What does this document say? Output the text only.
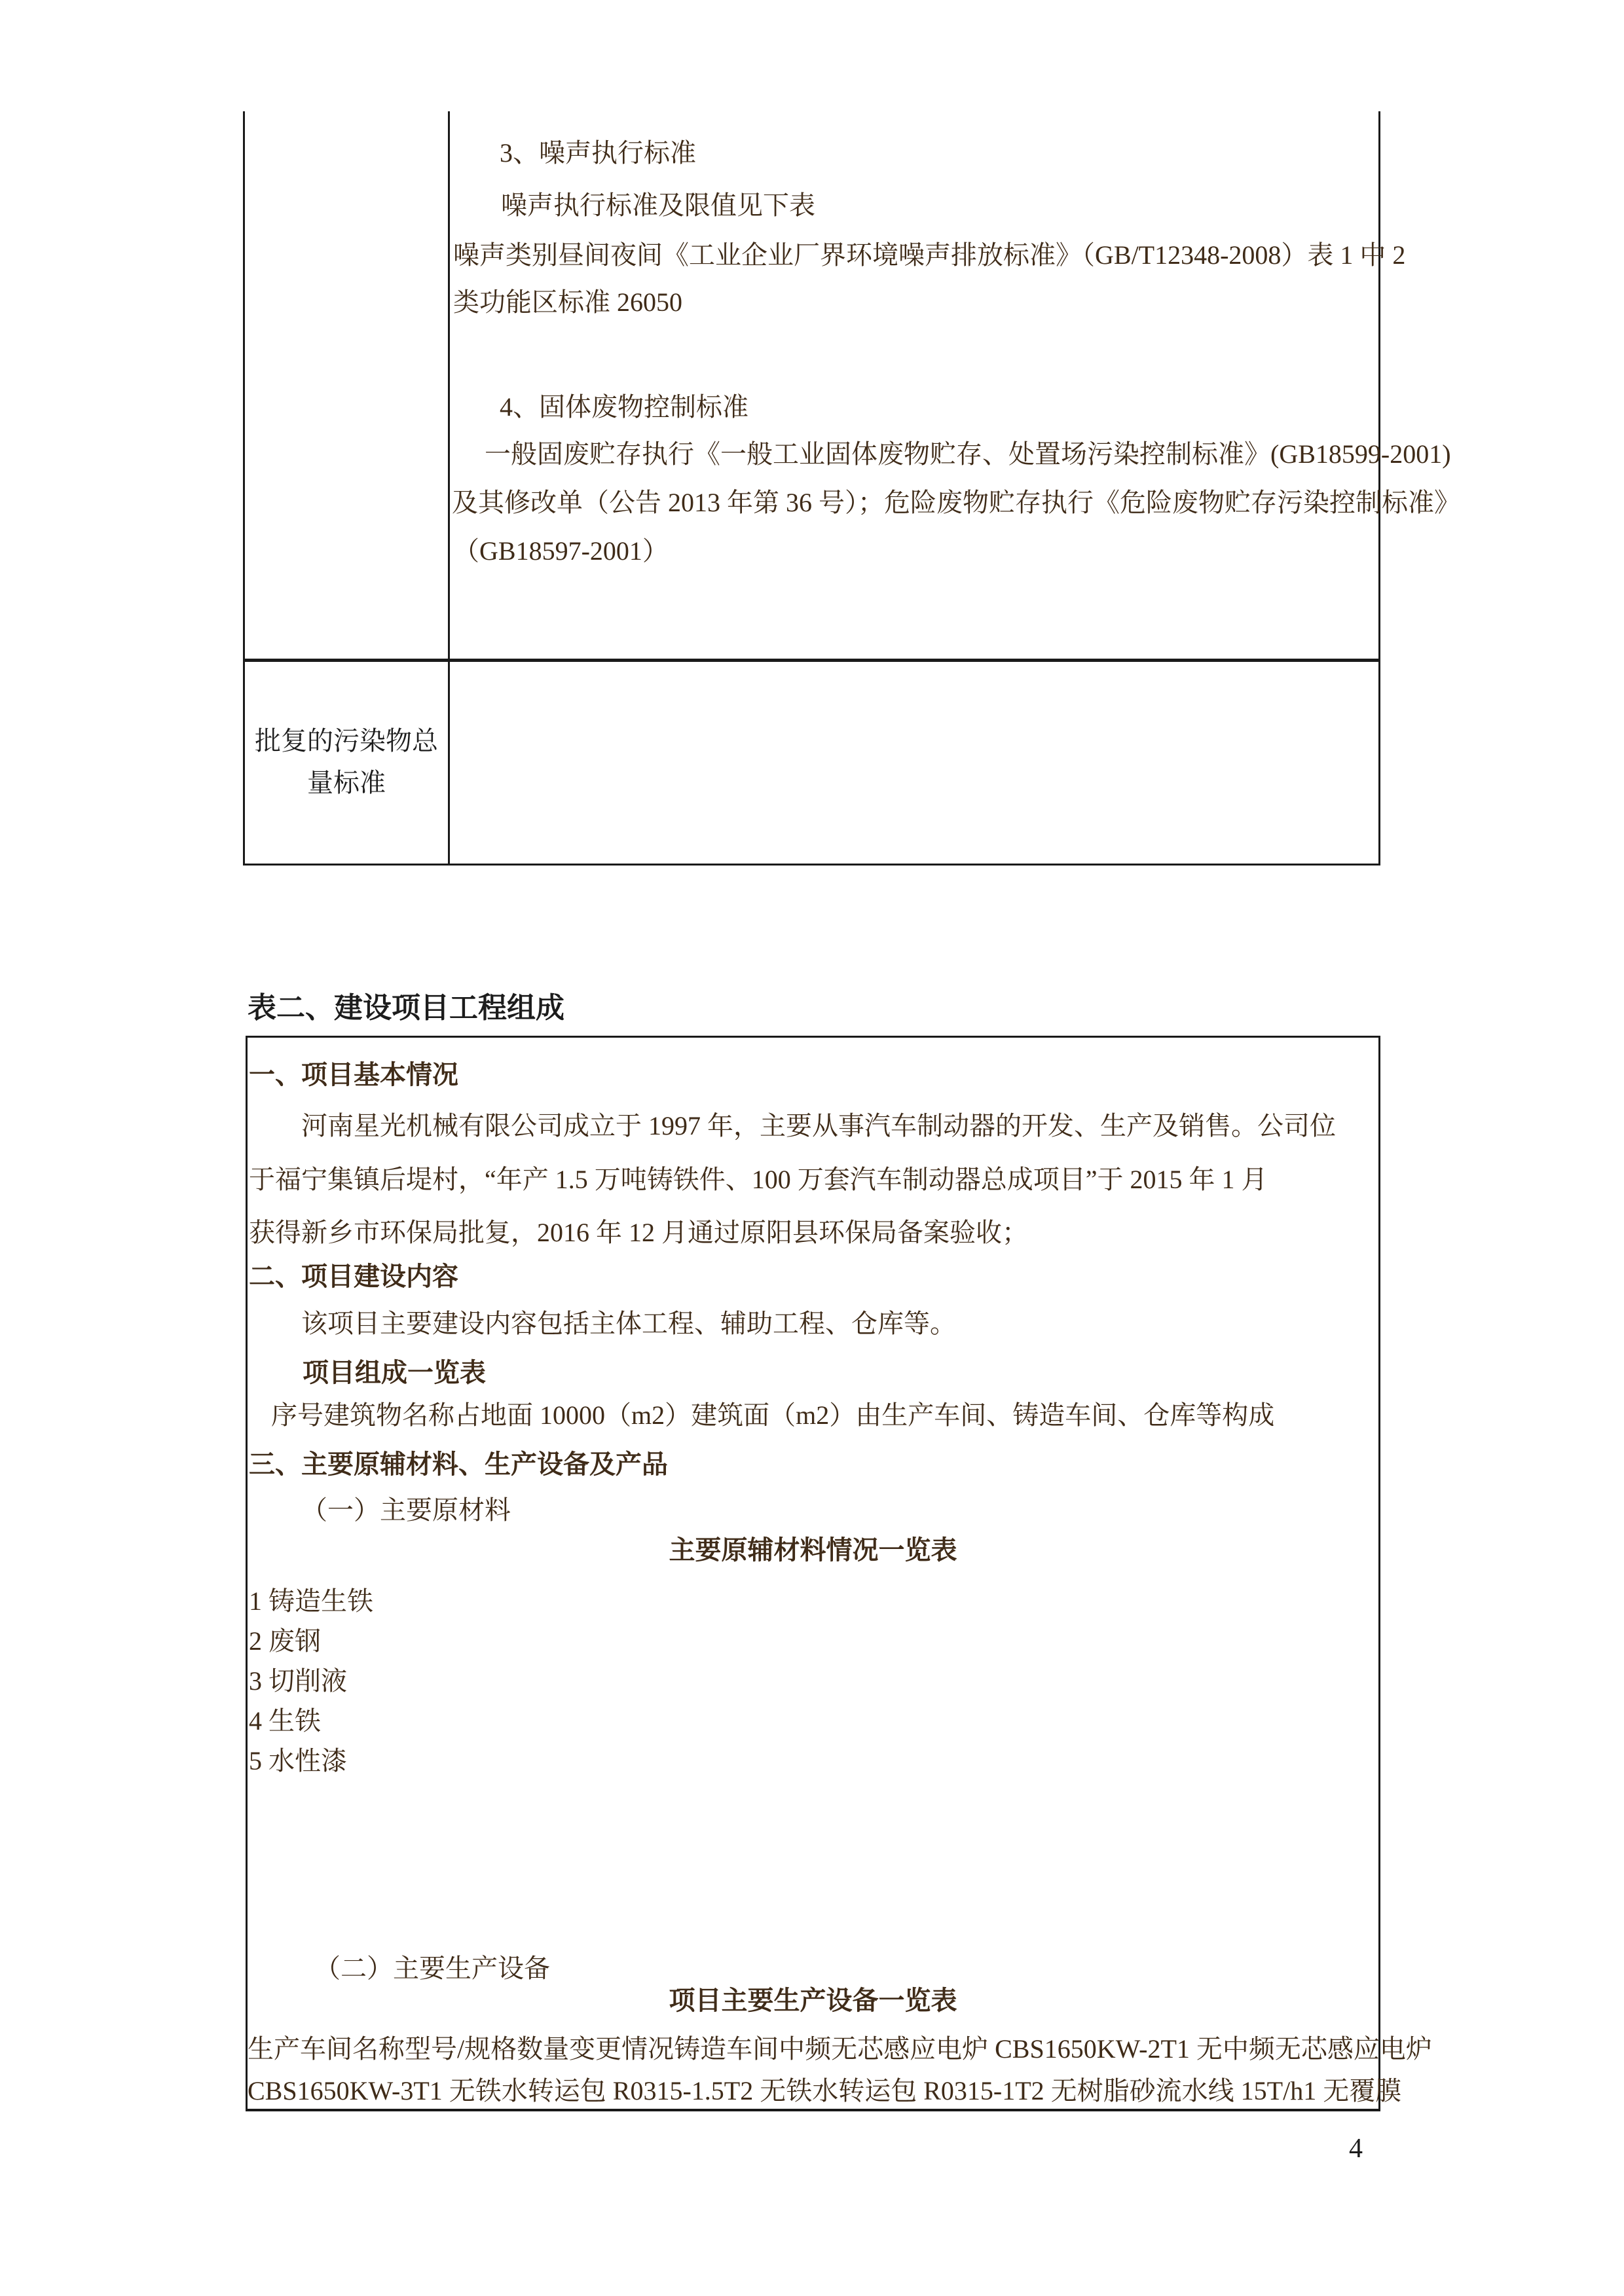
批复的污染物总
量标准
3、噪声执行标准
噪声执行标准及限值见下表
噪声类别昼间夜间《工业企业厂界环境噪声排放标准》（GB/T12348-2008）表 1 中 2
类功能区标准 26050
4、固体废物控制标准
一般固废贮存执行《一般工业固体废物贮存、处置场污染控制标准》(GB18599-2001)
及其修改单（公告 2013 年第 36 号）；危险废物贮存执行《危险废物贮存污染控制标准》
（GB18597-2001）
表二、建设项目工程组成
一、项目基本情况
河南星光机械有限公司成立于 1997 年，主要从事汽车制动器的开发、生产及销售。公司位
于福宁集镇后堤村，“年产 1.5 万吨铸铁件、100 万套汽车制动器总成项目”于 2015 年 1 月
获得新乡市环保局批复，2016 年 12 月通过原阳县环保局备案验收；
二、项目建设内容
该项目主要建设内容包括主体工程、辅助工程、仓库等。
项目组成一览表
序号建筑物名称占地面 10000（m2）建筑面（m2）由生产车间、铸造车间、仓库等构成
三、主要原辅材料、生产设备及产品
（一）主要原材料
主要原辅材料情况一览表
1 铸造生铁
2 废钢
3 切削液
4 生铁
5 水性漆
（二）主要生产设备
项目主要生产设备一览表
生产车间名称型号/规格数量变更情况铸造车间中频无芯感应电炉 CBS1650KW-2T1 无中频无芯感应电炉
CBS1650KW-3T1 无铁水转运包 R0315-1.5T2 无铁水转运包 R0315-1T2 无树脂砂流水线 15T/h1 无覆膜
4
